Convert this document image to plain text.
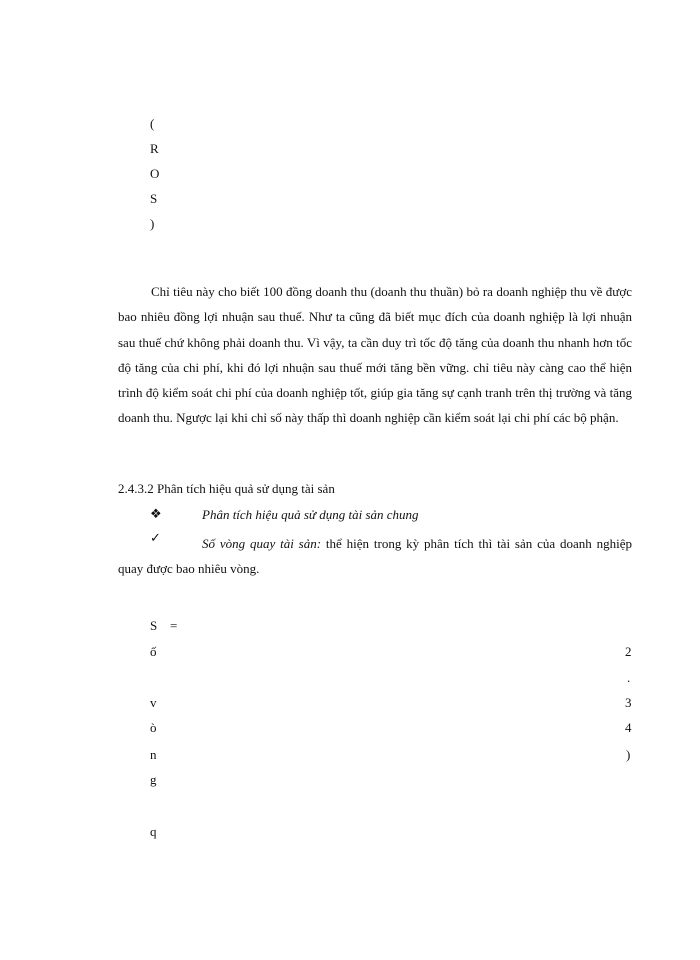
(
R
O
S
)

Chỉ tiêu này cho biết 100 đồng doanh thu (doanh thu thuần) bỏ ra doanh nghiệp thu về được bao nhiêu đồng lợi nhuận sau thuế. Như ta cũng đã biết mục đích của doanh nghiệp là lợi nhuận sau thuế chứ không phải doanh thu. Vì vậy, ta cần duy trì tốc độ tăng của doanh thu nhanh hơn tốc độ tăng của chi phí, khi đó lợi nhuận sau thuế mới tăng bền vững. chỉ tiêu này càng cao thể hiện trình độ kiểm soát chi phí của doanh nghiệp tốt, giúp gia tăng sự cạnh tranh trên thị trường và tăng doanh thu. Ngược lại khi chỉ số này thấp thì doanh nghiệp cần kiểm soát lại chi phí các bộ phận.

2.4.3.2 Phân tích hiệu quả sử dụng tài sản
❖	Phân tích hiệu quả sử dụng tài sản chung
✓	Số vòng quay tài sản: thể hiện trong kỳ phân tích thì tài sản của doanh nghiệp quay được bao nhiêu vòng.

S =
ố
v
ò
n
g
q
2
.
3
4
)
